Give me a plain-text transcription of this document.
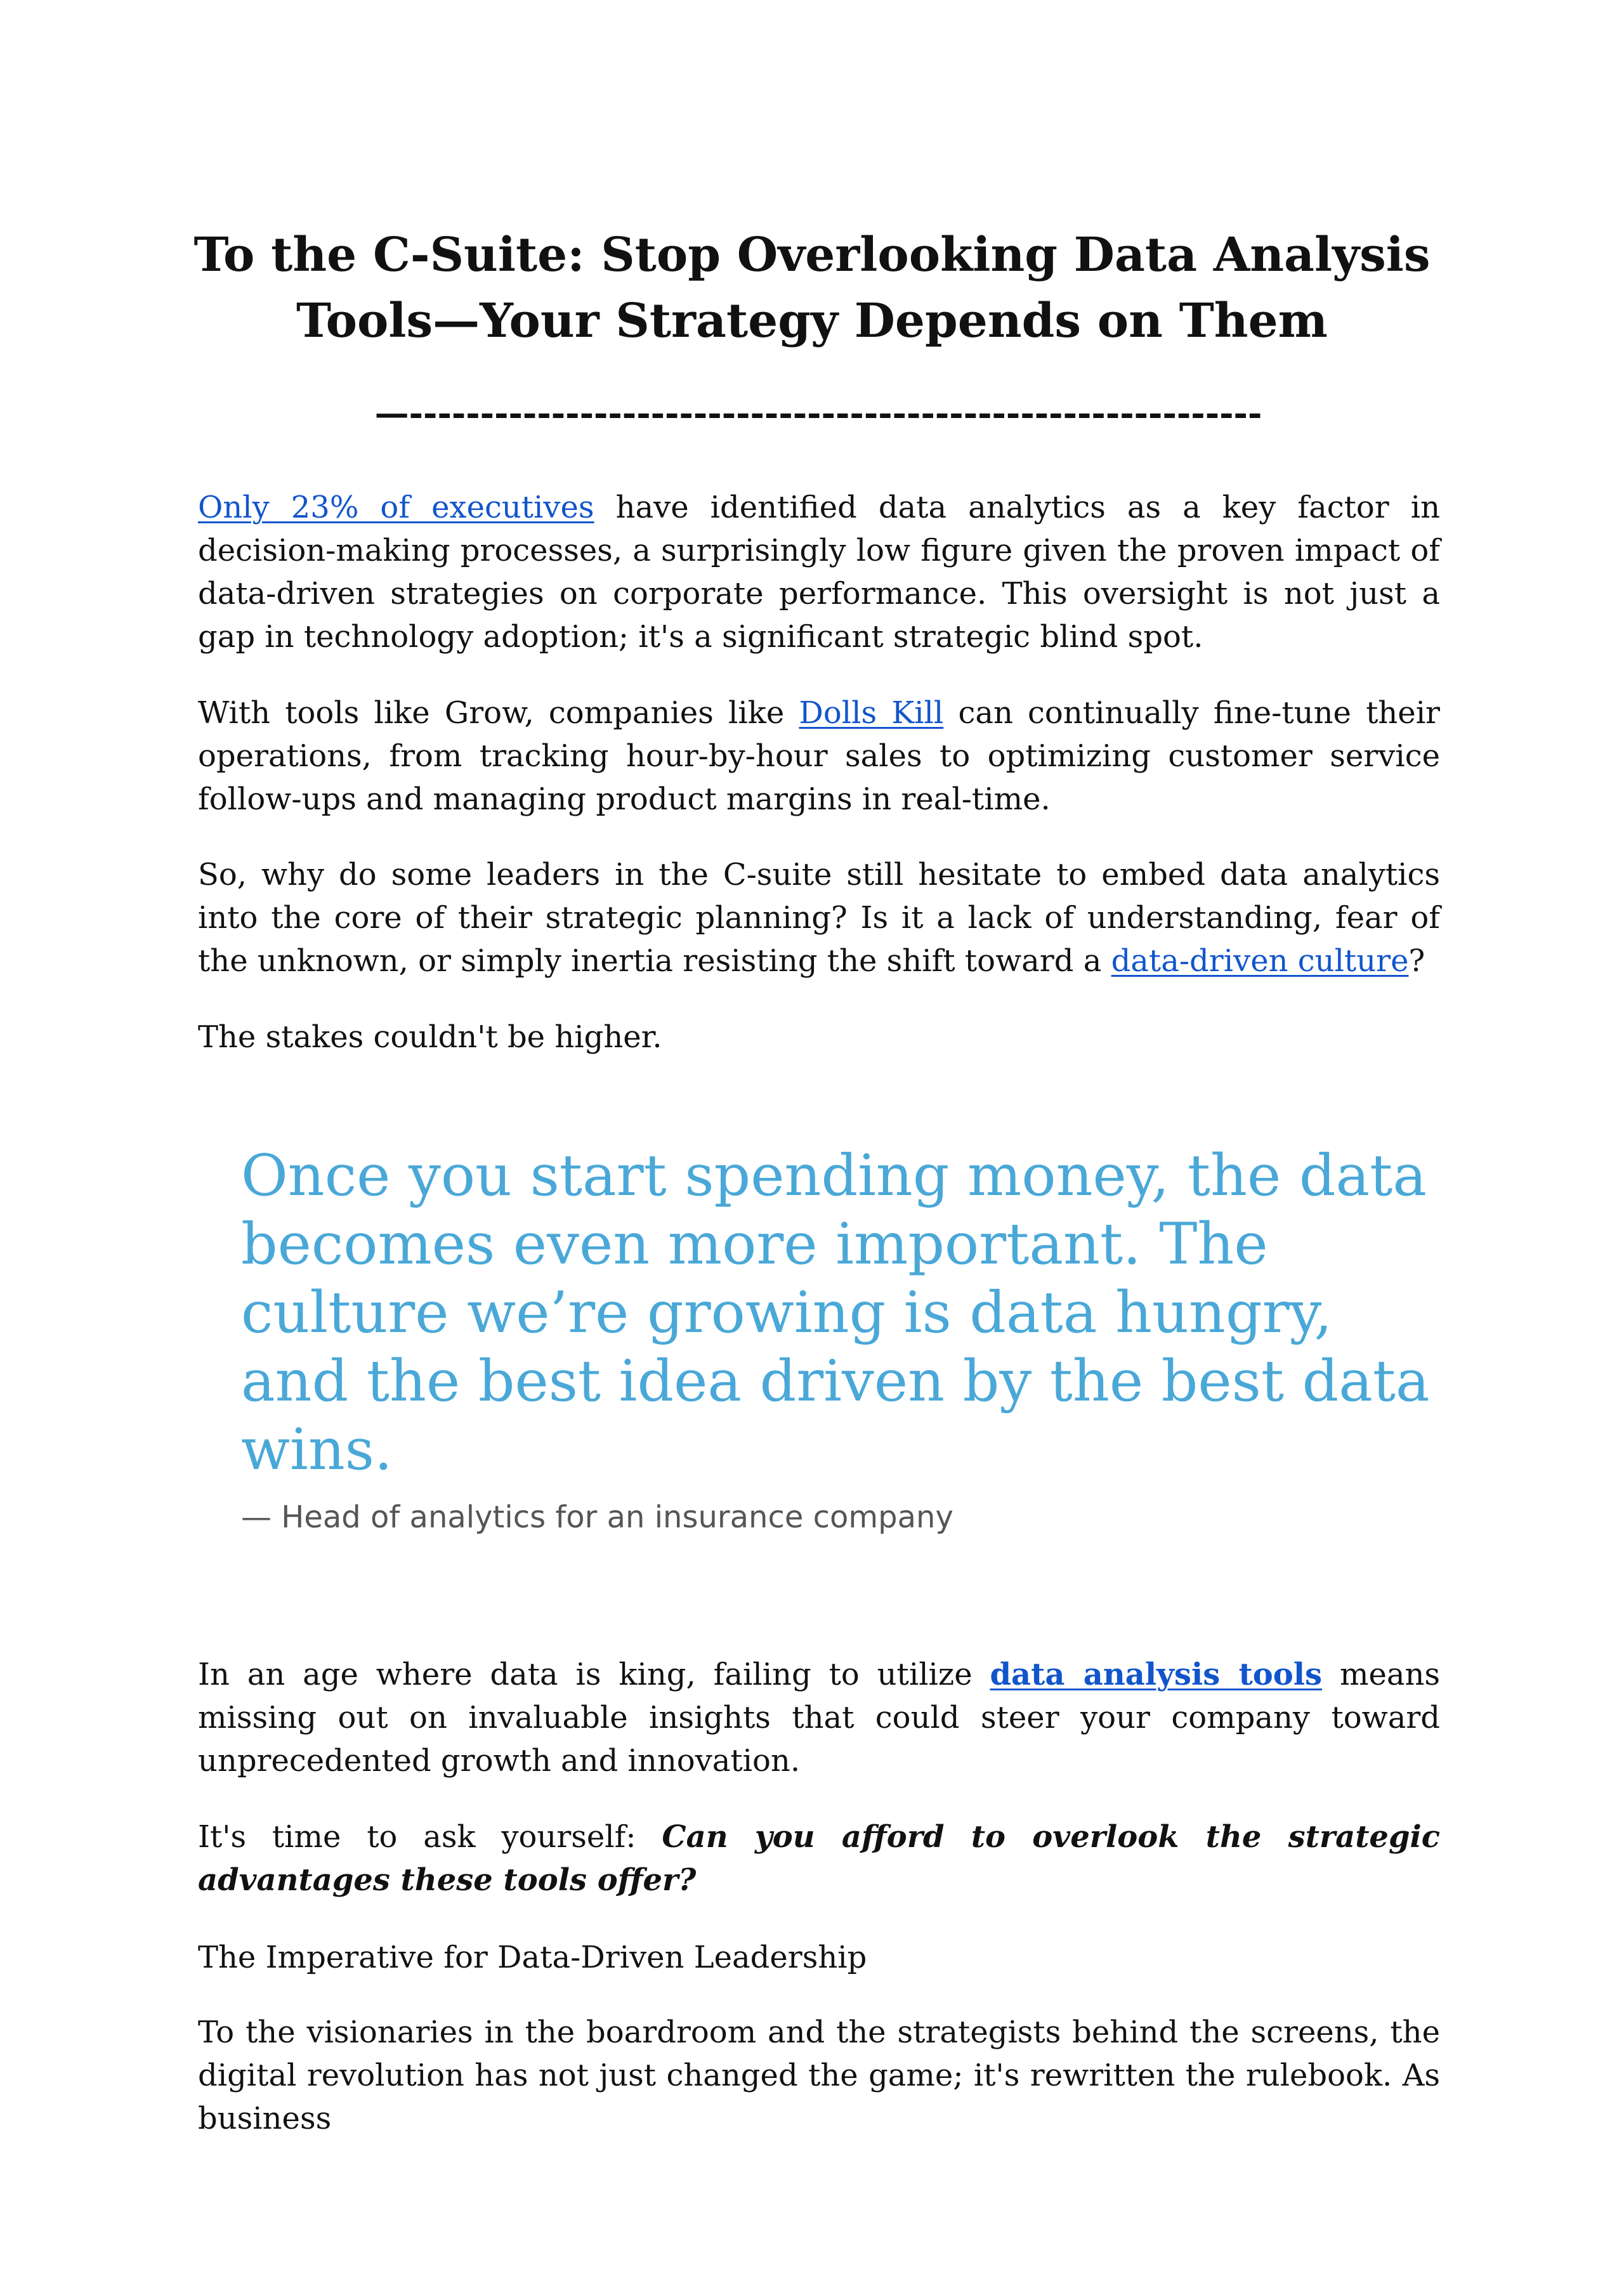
To the C-Suite: Stop Overlooking Data Analysis Tools—Your Strategy Depends on Them
—------------------------------------------------------------

Only 23% of executives have identified data analytics as a key factor in decision-making processes, a surprisingly low figure given the proven impact of data-driven strategies on corporate performance. This oversight is not just a gap in technology adoption; it's a significant strategic blind spot.

With tools like Grow, companies like Dolls Kill can continually fine-tune their operations, from tracking hour-by-hour sales to optimizing customer service follow-ups and managing product margins in real-time.

So, why do some leaders in the C-suite still hesitate to embed data analytics into the core of their strategic planning? Is it a lack of understanding, fear of the unknown, or simply inertia resisting the shift toward a data-driven culture?

The stakes couldn't be higher.

Once you start spending money, the data becomes even more important. The culture we’re growing is data hungry, and the best idea driven by the best data wins.

— Head of analytics for an insurance company

In an age where data is king, failing to utilize data analysis tools means missing out on invaluable insights that could steer your company toward unprecedented growth and innovation.

It's time to ask yourself: Can you afford to overlook the strategic advantages these tools offer?

The Imperative for Data-Driven Leadership

To the visionaries in the boardroom and the strategists behind the screens, the digital revolution has not just changed the game; it's rewritten the rulebook. As business
